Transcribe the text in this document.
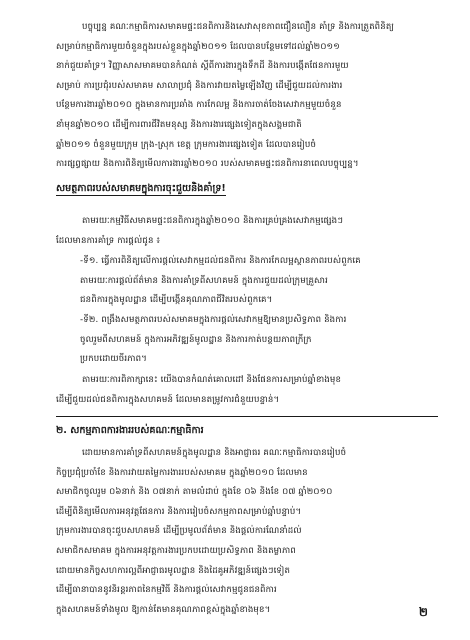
បច្ចុប្បន្ន គណៈកម្មាធិការសមាគមផ្ទះជនពិការនិងសេវាសុខភាពជឿនលឿន គាំទ្រ និងការត្រួតពិនិត្យ
សម្រាប់កម្មាធិការមួយចំនួនក្នុងរបស់ខ្លួនក្នុងឆ្នាំ២០១១ ដែលបានបន្ថែមទៅដល់ឆ្នាំ២០១១
នាក់ជួយគាំទ្រ។ វិញ្ញាសាសមាគមបានកំណត់ ស្តីពីការងារក្នុងទឹកដី និងការបង្កើតផែនការមួយ
សម្រាប់ ការប្រជុំរបស់សមាគម សាលាប្រជុំ និងការវាយតម្លៃឡើងវិញ ដើម្បីជួយដល់ការងារ
បន្ថែមការងារឆ្នាំ២០១០ ក្នុងមានការប្រឆាំង ការកែលម្អ និងការចាត់ចែងសេវាកម្មមួយចំនួន
នាំមុនឆ្នាំ២០១០ ដើម្បីការពារជីវិតមនុស្ស និងការងារផ្សេងទៀតក្នុងសង្គមជាតិ
ឆ្នាំ២០១១ ចំនួនមួយក្រុម ក្រុង-ស្រុក ខេត្ត ក្រុមការងារផ្សេងទៀត ដែលបានរៀបចំ
ការផ្សព្វផ្សាយ និងការពិនិត្យមើលការងារឆ្នាំ២០១០ របស់សមាគមផ្ទះជនពិការនាពេលបច្ចុប្បន្ន។
សមត្ថភាពរបស់សមាគមក្នុងការចុះជួយនិងគាំទ្រ!
តាមរយៈកម្មវិធីសមាគមផ្ទះជនពិការក្នុងឆ្នាំ២០១០ និងការគ្រប់គ្រងសេវាកម្មផ្សេងៗ
ដែលមានការគាំទ្រ ការផ្តល់ជូន ៖
-ទី១. ធ្វើការពិនិត្យលើការផ្តល់សេវាកម្មដល់ជនពិការ និងការកែលម្អស្ថានភាពរបស់ពួកគេ
តាមរយៈការផ្តល់ព័ត៌មាន និងការគាំទ្រពីសហគមន៍ ក្នុងការជួយដល់ក្រុមគ្រួសារ
ជនពិការក្នុងមូលដ្ឋាន ដើម្បីបង្កើនគុណភាពជីវិតរបស់ពួកគេ។
-ទី២. ពង្រឹងសមត្ថភាពរបស់សមាគមក្នុងការផ្តល់សេវាកម្មឱ្យមានប្រសិទ្ធភាព និងការ
ចូលរួមពីសហគមន៍ ក្នុងការអភិវឌ្ឍន៍មូលដ្ឋាន និងការកាត់បន្ថយភាពក្រីក្រ
ប្រកបដោយចីរភាព។
តាមរយៈការពិភាក្សានេះ យើងបានកំណត់គោលដៅ និងផែនការសម្រាប់ឆ្នាំខាងមុខ
ដើម្បីជួយដល់ជនពិការក្នុងសហគមន៍ ដែលមានតម្រូវការជំនួយបន្ទាន់។
២. សកម្មភាពការងាររបស់គណៈកម្មាធិការ
ដោយមានការគាំទ្រពីសហគមន៍ក្នុងមូលដ្ឋាន និងអាជ្ញាធរ គណៈកម្មាធិការបានរៀបចំ
កិច្ចប្រជុំប្រចាំខែ និងការវាយតម្លៃការងាររបស់សមាគម ក្នុងឆ្នាំ២០១០ ដែលមាន
សមាជិកចូលរួម ០៦នាក់ និង ០៧នាក់ តាមលំដាប់ ក្នុងខែ ០៦ និងខែ ០៧ ឆ្នាំ២០១០
ដើម្បីពិនិត្យមើលការអនុវត្តផែនការ និងការរៀបចំសកម្មភាពសម្រាប់ឆ្នាំបន្ទាប់។
ក្រុមការងារបានចុះជួបសហគមន៍ ដើម្បីប្រមូលព័ត៌មាន និងផ្តល់ការណែនាំដល់
សមាជិកសមាគម ក្នុងការអនុវត្តការងារប្រកបដោយប្រសិទ្ធភាព និងតម្លាភាព
ដោយមានកិច្ចសហការល្អពីអាជ្ញាធរមូលដ្ឋាន និងដៃគូអភិវឌ្ឍន៍ផ្សេងៗទៀត
ដើម្បីធានាបាននូវនិរន្តរភាពនៃកម្មវិធី និងការផ្តល់សេវាកម្មជូនជនពិការ
ក្នុងសហគមន៍ទាំងមូល ឱ្យកាន់តែមានគុណភាពខ្ពស់ក្នុងឆ្នាំខាងមុខ។	២
